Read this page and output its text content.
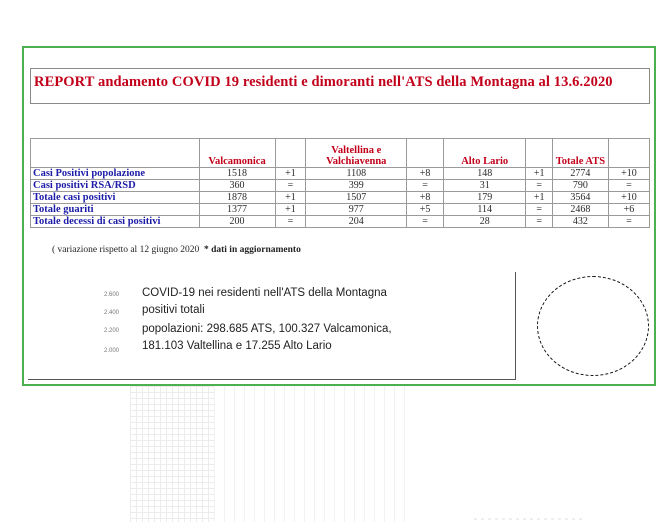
REPORT andamento COVID 19 residenti e dimoranti nell'ATS della Montagna al 13.6.2020
	Valcamonica		Valtellina e Valchiavenna		Alto Lario		Totale ATS	
Casi Positivi popolazione	1518	+1	1108	+8	148	+1	2774	+10
Casi positivi RSA/RSD	360	=	399	=	31	=	790	=
Totale casi positivi	1878	+1	1507	+8	179	+1	3564	+10
Totale guariti	1377	+1	977	+5	114	=	2468	+6
Totale decessi di casi positivi	200	=	204	=	28	=	432	=
( variazione rispetto al 12 giugno 2020 * dati in aggiornamento
2.600
2.400
2.200
2.000
COVID-19 nei residenti nell'ATS della Montagna
positivi totali
popolazioni: 298.685 ATS, 100.327 Valcamonica,
181.103 Valtellina e 17.255 Alto Lario
